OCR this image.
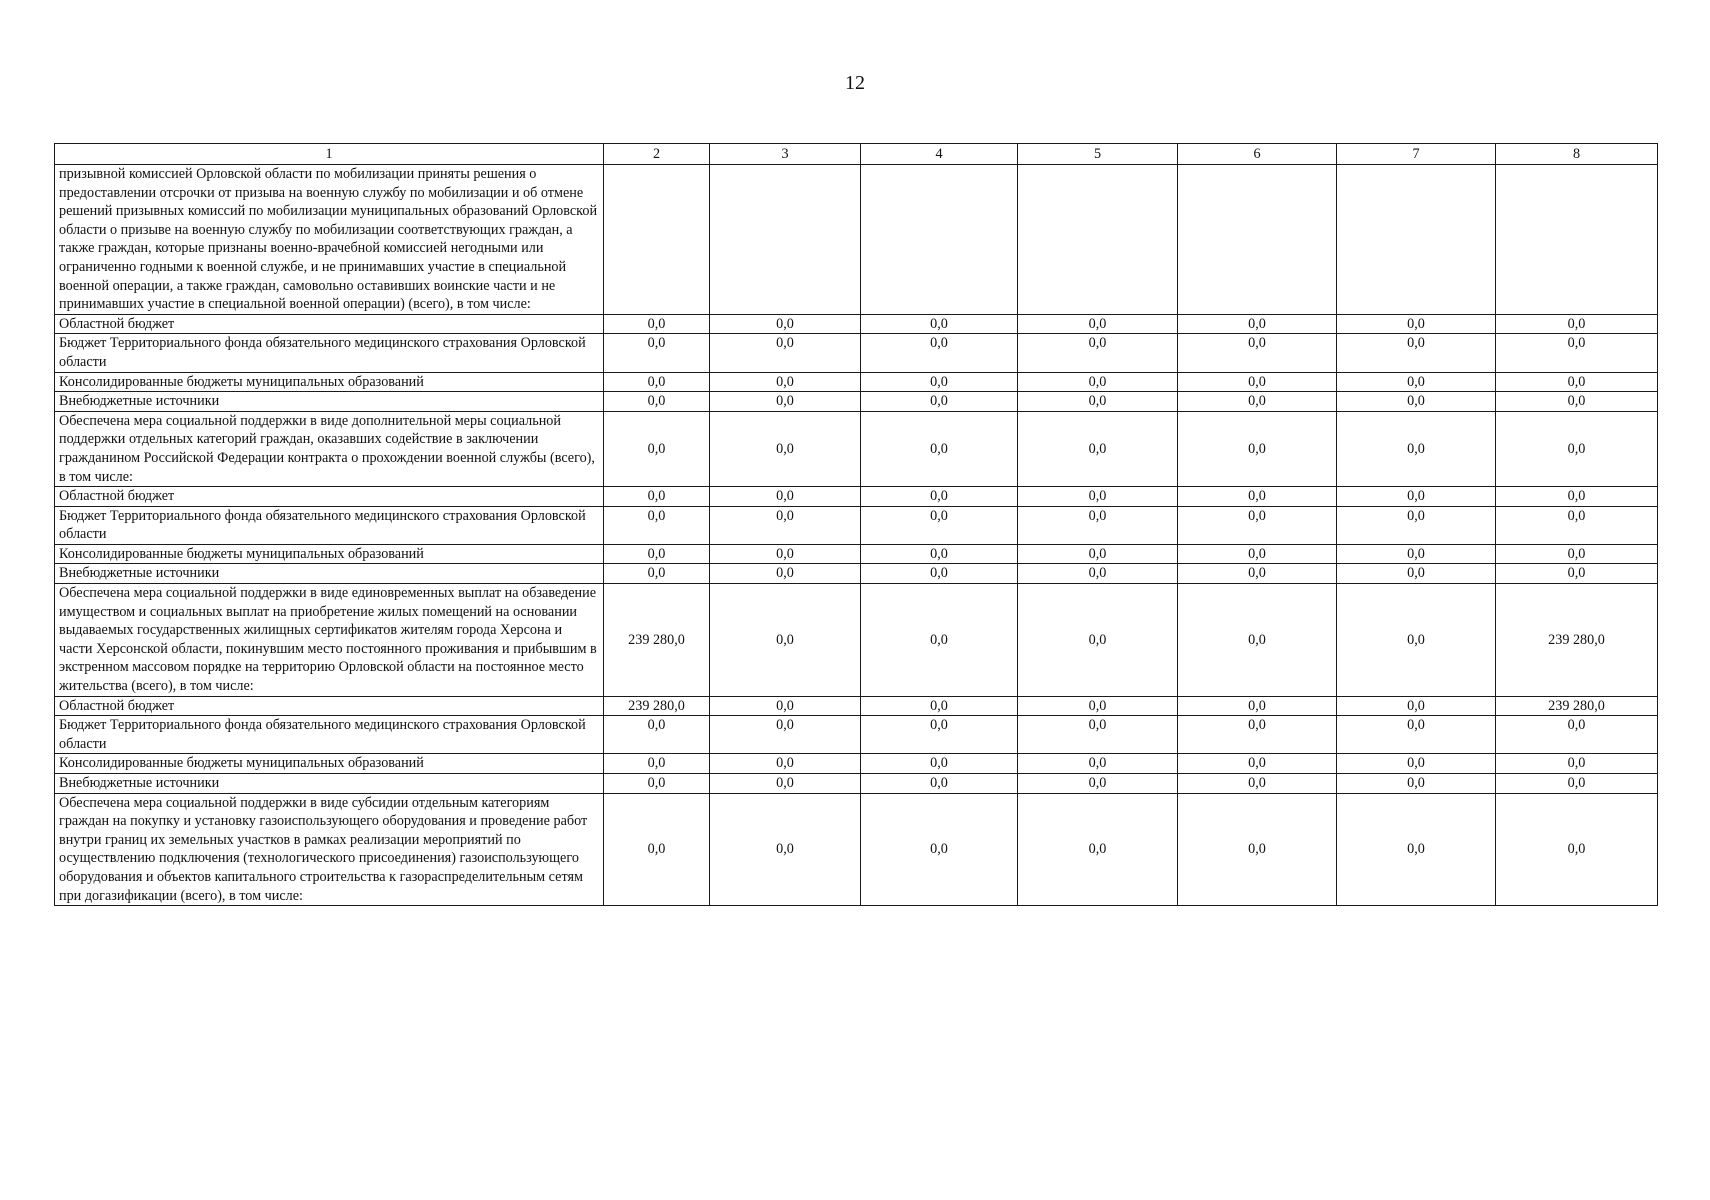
12
1	2	3	4	5	6	7	8
призывной комиссией Орловской области по мобилизации приняты решения о предоставлении отсрочки от призыва на военную службу по мобилизации и об отмене решений призывных комиссий по мобилизации муниципальных образований Орловской области о призыве на военную службу по мобилизации соответствующих граждан, а также граждан, которые признаны военно-врачебной комиссией негодными или ограниченно годными к военной службе, и не принимавших участие в специальной военной операции, а также граждан, самовольно оставивших воинские части и не принимавших участие в специальной военной операции) (всего), в том числе:							
Областной бюджет	0,0	0,0	0,0	0,0	0,0	0,0	0,0
Бюджет Территориального фонда обязательного медицинского страхования Орловской области	0,0	0,0	0,0	0,0	0,0	0,0	0,0
Консолидированные бюджеты муниципальных образований	0,0	0,0	0,0	0,0	0,0	0,0	0,0
Внебюджетные источники	0,0	0,0	0,0	0,0	0,0	0,0	0,0
Обеспечена мера социальной поддержки в виде дополнительной меры социальной поддержки отдельных категорий граждан, оказавших содействие в заключении гражданином Российской Федерации контракта о прохождении военной службы (всего), в том числе:	0,0	0,0	0,0	0,0	0,0	0,0	0,0
Областной бюджет	0,0	0,0	0,0	0,0	0,0	0,0	0,0
Бюджет Территориального фонда обязательного медицинского страхования Орловской области	0,0	0,0	0,0	0,0	0,0	0,0	0,0
Консолидированные бюджеты муниципальных образований	0,0	0,0	0,0	0,0	0,0	0,0	0,0
Внебюджетные источники	0,0	0,0	0,0	0,0	0,0	0,0	0,0
Обеспечена мера социальной поддержки в виде единовременных выплат на обзаведение имуществом и социальных выплат на приобретение жилых помещений на основании выдаваемых государственных жилищных сертификатов жителям города Херсона и части Херсонской области, покинувшим место постоянного проживания и прибывшим в экстренном массовом порядке на территорию Орловской области на постоянное место жительства (всего), в том числе:	239 280,0	0,0	0,0	0,0	0,0	0,0	239 280,0
Областной бюджет	239 280,0	0,0	0,0	0,0	0,0	0,0	239 280,0
Бюджет Территориального фонда обязательного медицинского страхования Орловской области	0,0	0,0	0,0	0,0	0,0	0,0	0,0
Консолидированные бюджеты муниципальных образований	0,0	0,0	0,0	0,0	0,0	0,0	0,0
Внебюджетные источники	0,0	0,0	0,0	0,0	0,0	0,0	0,0
Обеспечена мера социальной поддержки в виде субсидии отдельным категориям граждан на покупку и установку газоиспользующего оборудования и проведение работ внутри границ их земельных участков в рамках реализации мероприятий по осуществлению подключения (технологического присоединения) газоиспользующего оборудования и объектов капитального строительства к газораспределительным сетям при догазификации (всего), в том числе:	0,0	0,0	0,0	0,0	0,0	0,0	0,0
